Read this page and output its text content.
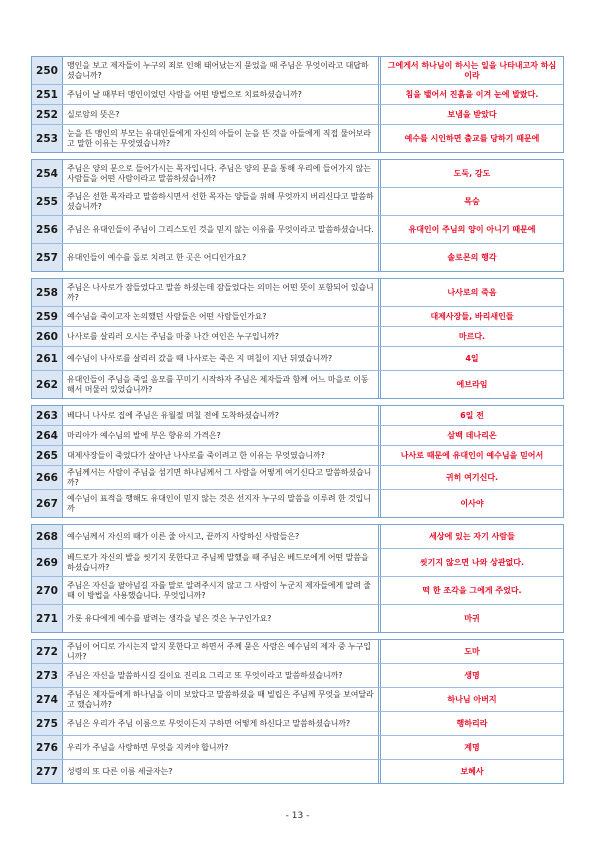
250	맹인을 보고 제자들이 누구의 죄로 인해 태어났는지 묻었을 때 주님은 무엇이라고 대답하셨습니까?
그에게서 하나님이 하시는 일을 나타내고자 하심이라
251	주님이 날 때부터 맹인이었던 사람을 어떤 방법으로 치료하셨습니까?	침을 뱉어서 진흙을 이겨 눈에 발랐다.
252	실로암의 뜻은?	보냄을 받았다
253	눈을 뜬 맹인의 부모는 유대인들에게 자신의 아들이 눈을 뜬 것을 아들에게 직접 물어보라고 말한 이유는 무엇였습니까?
예수를 시인하면 출교를 당하기 때문에
254	주님은 양의 문으로 들어가시는 목자입니다. 주님은 양의 문을 통해 우리에 들어가지 않는 사람들을 어떤 사람이라고 말씀하셨습니까?
도둑, 강도
255	주님은 선한 목자라고 말씀하시면서 선한 목자는 양들을 위해 무엇까지 버리신다고 말씀하셨습니까?
목숨
256	주님은 유대인들이 주님이 그리스도인 것을 믿지 않는 이유를 무엇이라고 말씀하셨습니다.	유대인이 주님의 양이 아니기 때문에
257	유대인들이 예수를 돌로 치려고 한 곳은 어디인가요?	솔로몬의 행각
258	주님은 나사로가 잠들었다고 말씀 하셨는데 잠들었다는 의미는 어떤 뜻이 포함되어 있습니까?
나사로의 죽음
259	예수님을 죽이고자 논의했던 사람들은 어떤 사람들인가요?	대제사장들, 바리새인들
260	나사로를 살리러 오시는 주님을 마중 나간 여인은 누구입니까?	마르다.
261	예수님이 나사로를 살리러 갔을 때 나사로는 죽은 지 며칠이 지난 뒤였습니까?	4일
262	유대인들이 주님을 죽일 음모를 꾸미기 시작하자 주님은 제자들과 함께 어느 마을로 이동해서 머물러 있었습니까?
에브라임
263	베다니 나사로 집에 주님은 유월절 며칠 전에 도착하셨습니까?	6일 전
264	마리아가 예수님의 발에 부은 향유의 가격은?	삼백 데나리온
265	대제사장들이 죽었다가 살아난 나사로를 죽이려고 한 이유는 무엇였습니까?	나사로 때문에 유대인이 예수님을 믿어서
266	주님께서는 사람이 주님을 섬기면 하나님께서 그 사람을 어떻게 여기신다고 말씀하셨습니까?
귀히 여기신다.
267	예수님이 표적을 행해도 유대인이 믿지 않는 것은 선지자 누구의 말씀을 이루려 한 것입니까
이사야
268	예수님께서 자신의 때가 이른 줄 아시고, 끝까지 사랑하신 사람들은?	세상에 있는 자기 사람들
269	베드로가 자신의 발을 씻기지 못한다고 주님께 말했을 때 주님은 베드로에게 어떤 말씀을 하셨습니까?
씻기지 않으면 나와 상관없다.
270	주님은 자신을 팔아넘길 자를 말로 알려주시지 않고 그 사람이 누군지 제자들에게 알려 줄 때 이 방법을 사용했습니다. 무엇입니까?
떡 한 조각을 그에게 주었다.
271	가룟 유다에게 예수를 팔려는 생각을 넣은 것은 누구인가요?	마귀
272	주님이 어디로 가시는지 알지 못한다고 하면서 주께 묻은 사람은 예수님의 제자 중 누구입니까?
도마
273	주님은 자신을 말씀하시길 길이요 진리요 그리고 또 무엇이라고 말씀하셨습니까?	생명
274	주님은 제자들에게 하나님을 이미 보았다고 말씀하셨을 때 빌립은 주님께 무엇을 보여달라고 했습니까?
하나님 아버지
275	주님은 우리가 주님 이름으로 무엇이든지 구하면 어떻게 하신다고 말씀하셨습니까?	행하리라
276	우리가 주님을 사랑하면 무엇을 지켜야 합니까?	계명
277	성령의 또 다른 이름 세글자는?	보혜사
- 13 -
